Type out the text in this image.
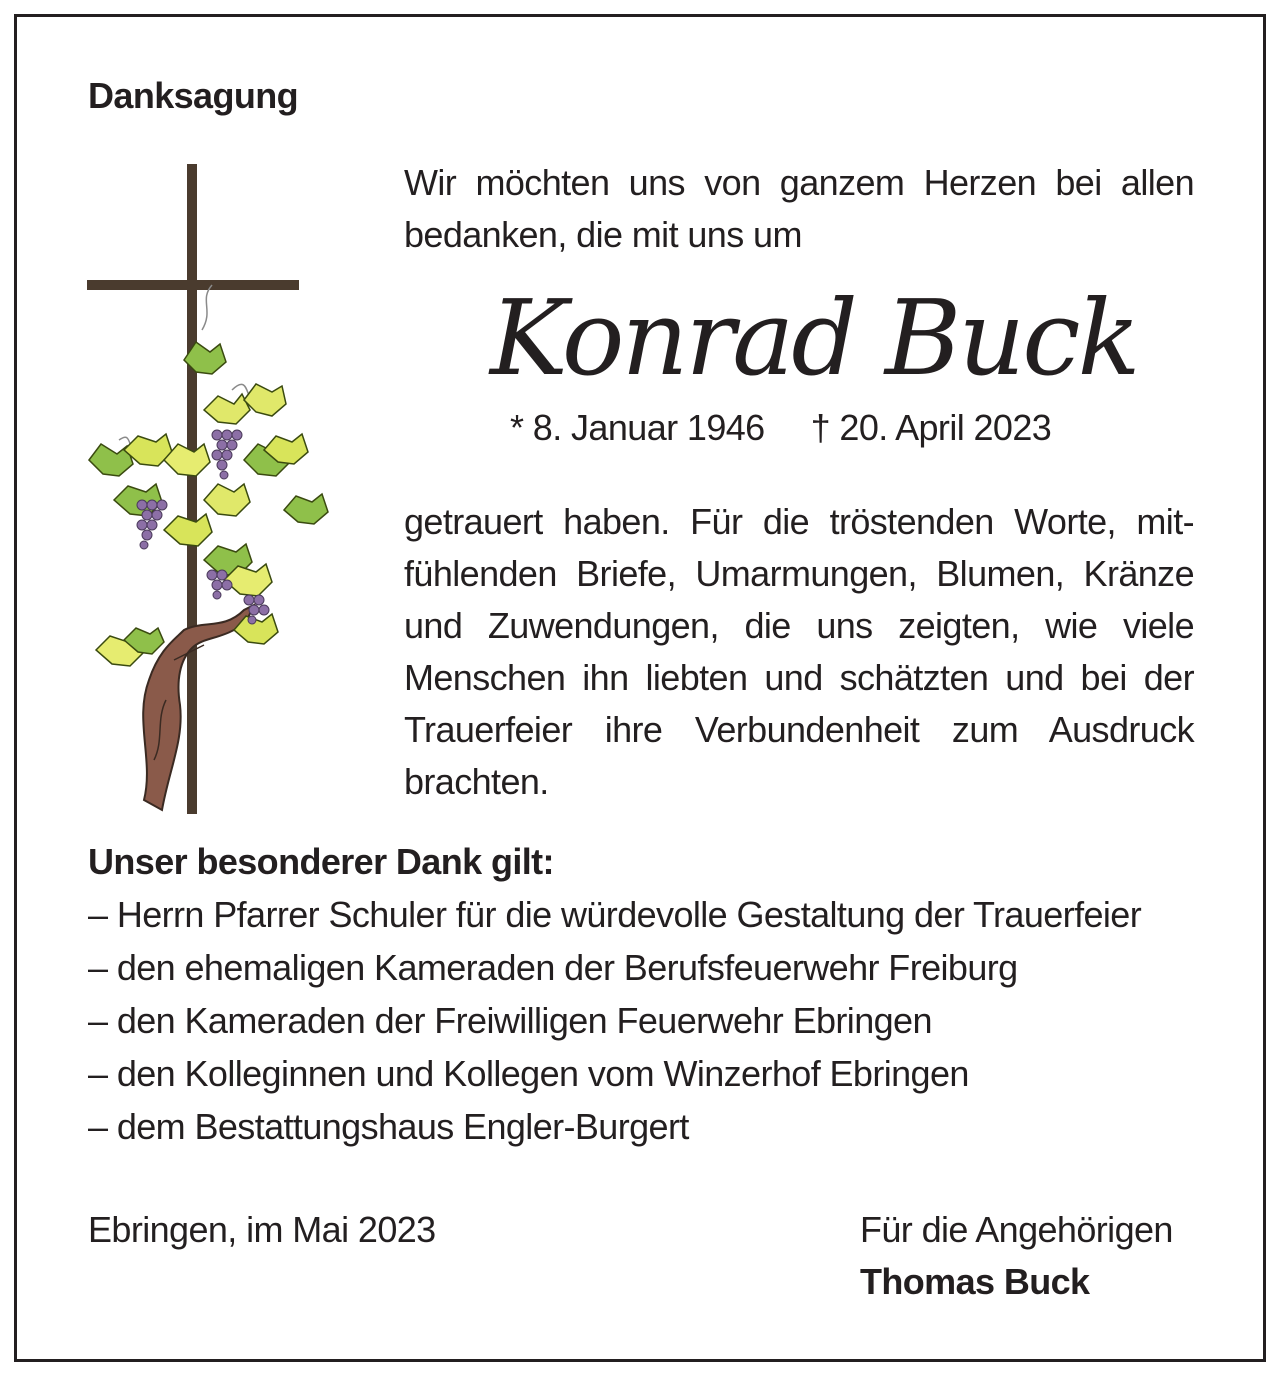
Danksagung
Wir möchten uns von ganzem Herzen bei allen
bedanken, die mit uns um
Konrad Buck
* 8. Januar 1946 † 20. April 2023
getrauert haben. Für die tröstenden Worte, mit-
fühlenden Briefe, Umarmungen, Blumen, Kränze
und Zuwendungen, die uns zeigten, wie viele
Menschen ihn liebten und schätzten und bei der
Trauerfeier ihre Verbundenheit zum Ausdruck
brachten.
Unser besonderer Dank gilt:
– Herrn Pfarrer Schuler für die würdevolle Gestaltung der Trauerfeier
– den ehemaligen Kameraden der Berufsfeuerwehr Freiburg
– den Kameraden der Freiwilligen Feuerwehr Ebringen
– den Kolleginnen und Kollegen vom Winzerhof Ebringen
– dem Bestattungshaus Engler-Burgert
Ebringen, im Mai 2023	Für die Angehörigen
Thomas Buck
